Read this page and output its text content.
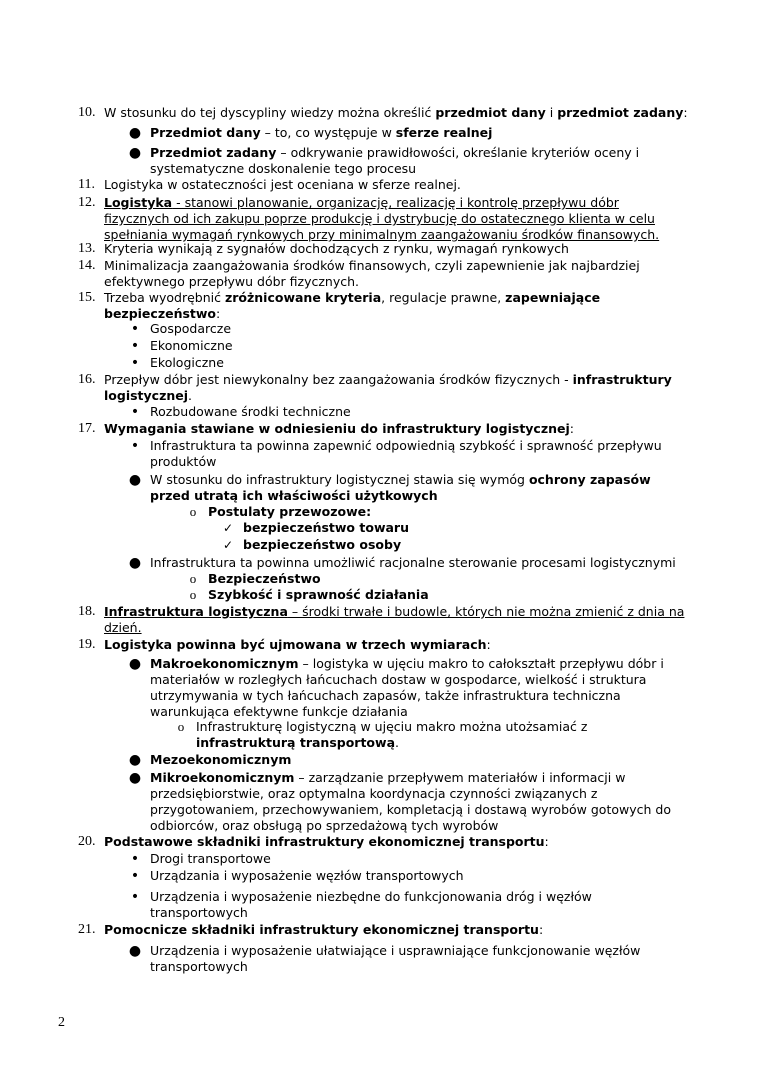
10. W stosunku do tej dyscypliny wiedzy można określić przedmiot dany i przedmiot zadany:
● Przedmiot dany – to, co występuje w sferze realnej
● Przedmiot zadany – odkrywanie prawidłowości, określanie kryteriów oceny i systematyczne doskonalenie tego procesu
11. Logistyka w ostateczności jest oceniana w sferze realnej.
12. Logistyka - stanowi planowanie, organizację, realizację i kontrolę przepływu dóbr fizycznych od ich zakupu poprze produkcję i dystrybucję do ostatecznego klienta w celu spełniania wymagań rynkowych przy minimalnym zaangażowaniu środków finansowych.
13. Kryteria wynikają z sygnałów dochodzących z rynku, wymagań rynkowych
14. Minimalizacja zaangażowania środków finansowych, czyli zapewnienie jak najbardziej efektywnego przepływu dóbr fizycznych.
15. Trzeba wyodrębnić zróżnicowane kryteria, regulacje prawne, zapewniające bezpieczeństwo:
• Gospodarcze
• Ekonomiczne
• Ekologiczne
16. Przepływ dóbr jest niewykonalny bez zaangażowania środków fizycznych - infrastruktury logistycznej.
• Rozbudowane środki techniczne
17. Wymagania stawiane w odniesieniu do infrastruktury logistycznej:
• Infrastruktura ta powinna zapewnić odpowiednią szybkość i sprawność przepływu produktów
● W stosunku do infrastruktury logistycznej stawia się wymóg ochrony zapasów przed utratą ich właściwości użytkowych
o Postulaty przewozowe:
✓ bezpieczeństwo towaru
✓ bezpieczeństwo osoby
● Infrastruktura ta powinna umożliwić racjonalne sterowanie procesami logistycznymi
o Bezpieczeństwo
o Szybkość i sprawność działania
18. Infrastruktura logistyczna – środki trwałe i budowle, których nie można zmienić z dnia na dzień.
19. Logistyka powinna być ujmowana w trzech wymiarach:
● Makroekonomicznym – logistyka w ujęciu makro to całokształt przepływu dóbr i materiałów w rozległych łańcuchach dostaw w gospodarce, wielkość i struktura utrzymywania w tych łańcuchach zapasów, także infrastruktura techniczna warunkująca efektywne funkcje działania
o Infrastrukturę logistyczną w ujęciu makro można utożsamiać z infrastrukturą transportową.
● Mezoekonomicznym
● Mikroekonomicznym – zarządzanie przepływem materiałów i informacji w przedsiębiorstwie, oraz optymalna koordynacja czynności związanych z przygotowaniem, przechowywaniem, kompletacją i dostawą wyrobów gotowych do odbiorców, oraz obsługą po sprzedażową tych wyrobów
20. Podstawowe składniki infrastruktury ekonomicznej transportu:
• Drogi transportowe
• Urządzania i wyposażenie węzłów transportowych
• Urządzenia i wyposażenie niezbędne do funkcjonowania dróg i węzłów transportowych
21. Pomocnicze składniki infrastruktury ekonomicznej transportu:
● Urządzenia i wyposażenie ułatwiające i usprawniające funkcjonowanie węzłów transportowych
2
